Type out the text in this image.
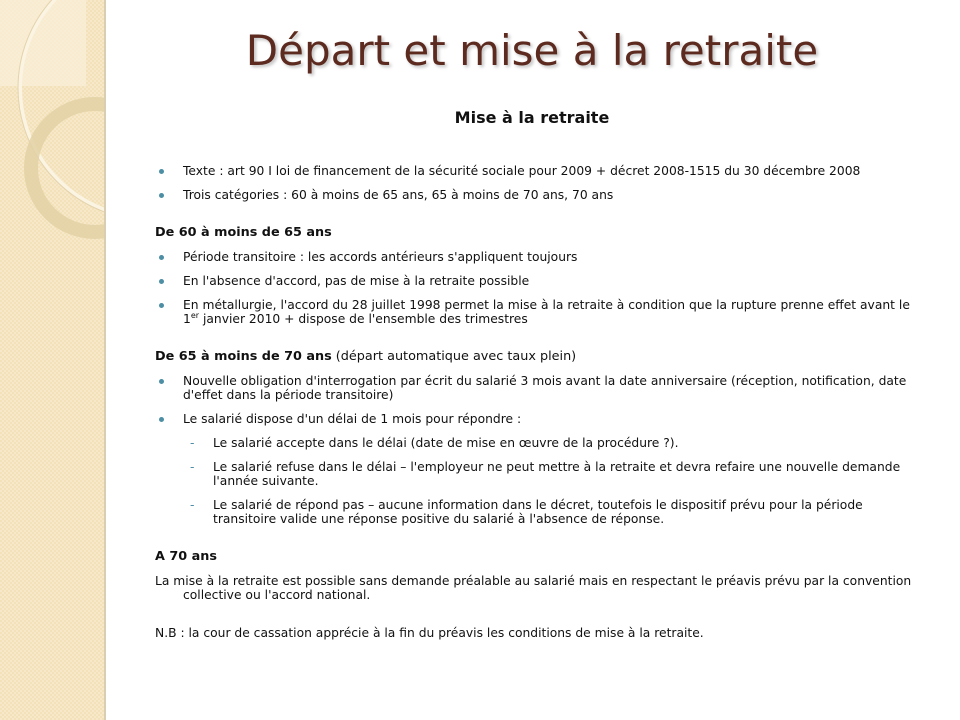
Départ et mise à la retraite
Mise à la retraite
Texte : art 90 I loi de financement de la sécurité sociale pour 2009 + décret 2008-1515 du 30 décembre 2008
Trois catégories : 60 à moins de 65 ans, 65 à moins de 70 ans, 70 ans
De 60 à moins de 65 ans
Période transitoire : les accords antérieurs s'appliquent toujours
En l'absence d'accord, pas de mise à la retraite possible
En métallurgie, l'accord du 28 juillet 1998 permet la mise à la retraite à condition que la rupture prenne effet avant le 1er janvier 2010 + dispose de l'ensemble des trimestres
De 65 à moins de 70 ans (départ automatique avec taux plein)
Nouvelle obligation d'interrogation par écrit du salarié 3 mois avant la date anniversaire (réception, notification, date d'effet dans la période transitoire)
Le salarié dispose d'un délai de 1 mois pour répondre :
- Le salarié accepte dans le délai (date de mise en œuvre de la procédure ?).
- Le salarié refuse dans le délai – l'employeur ne peut mettre à la retraite et devra refaire une nouvelle demande l'année suivante.
- Le salarié de répond pas – aucune information dans le décret, toutefois le dispositif prévu pour la période transitoire valide une réponse positive du salarié à l'absence de réponse.
A 70 ans
La mise à la retraite est possible sans demande préalable au salarié mais en respectant le préavis prévu par la convention collective ou l'accord national.
N.B : la cour de cassation apprécie à la fin du préavis les conditions de mise à la retraite.
